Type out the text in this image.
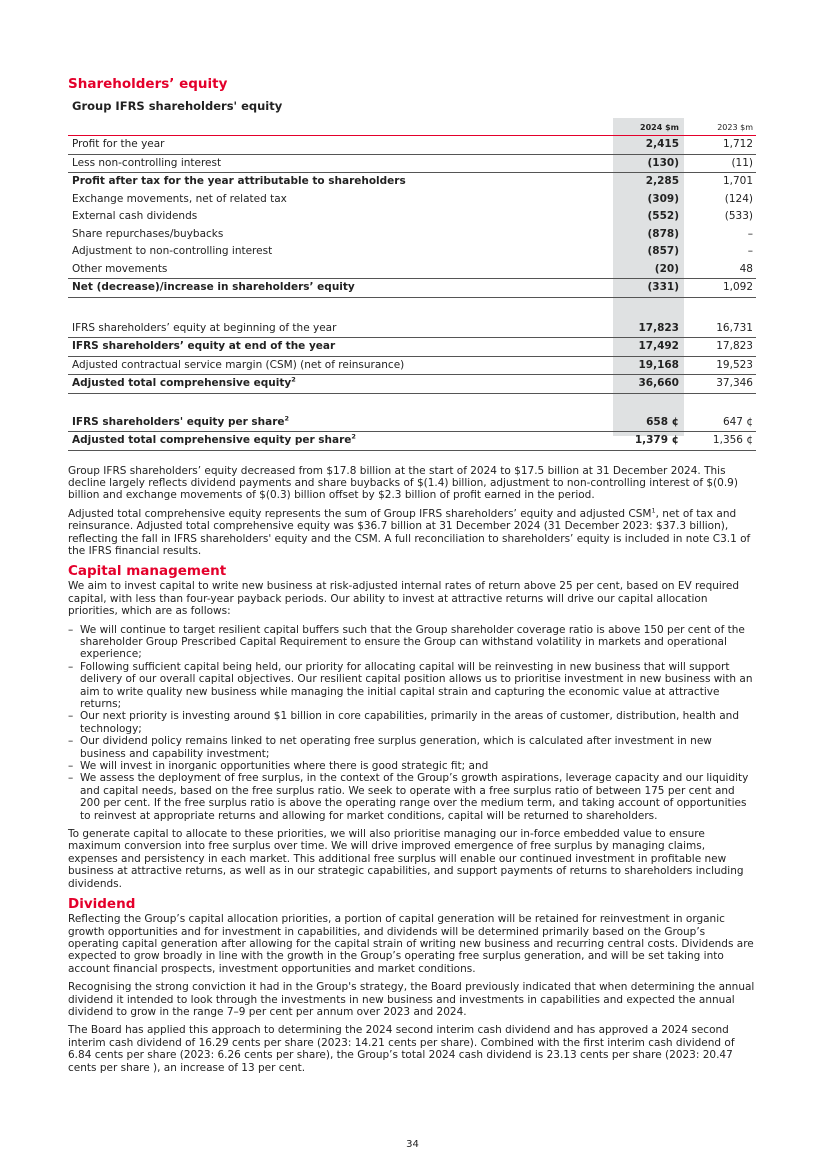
Shareholders’ equity
Group IFRS shareholders' equity
	2024 $m	2023 $m
Profit for the year	2,415	1,712
Less non-controlling interest	(130)	(11)
Profit after tax for the year attributable to shareholders	2,285	1,701
Exchange movements, net of related tax	(309)	(124)
External cash dividends	(552)	(533)
Share repurchases/buybacks	(878)	–
Adjustment to non-controlling interest	(857)	–
Other movements	(20)	48
Net (decrease)/increase in shareholders’ equity	(331)	1,092

IFRS shareholders’ equity at beginning of the year	17,823	16,731
IFRS shareholders’ equity at end of the year	17,492	17,823
Adjusted contractual service margin (CSM) (net of reinsurance)	19,168	19,523
Adjusted total comprehensive equity$^2$	36,660	37,346

IFRS shareholders' equity per share$^2$	658 ¢	647 ¢
Adjusted total comprehensive equity per share$^2$	1,379 ¢	1,356 ¢

Group IFRS shareholders’ equity decreased from $17.8 billion at the start of 2024 to $17.5 billion at 31 December 2024. This decline largely reflects dividend payments and share buybacks of $(1.4) billion, adjustment to non-controlling interest of $(0.9) billion and exchange movements of $(0.3) billion offset by $2.3 billion of profit earned in the period.

Adjusted total comprehensive equity represents the sum of Group IFRS shareholders’ equity and adjusted CSM$^1$, net of tax and reinsurance. Adjusted total comprehensive equity was $36.7 billion at 31 December 2024 (31 December 2023: $37.3 billion), reflecting the fall in IFRS shareholders' equity and the CSM. A full reconciliation to shareholders’ equity is included in note C3.1 of the IFRS financial results.

Capital management

We aim to invest capital to write new business at risk-adjusted internal rates of return above 25 per cent, based on EV required capital, with less than four-year payback periods. Our ability to invest at attractive returns will drive our capital allocation priorities, which are as follows:

– We will continue to target resilient capital buffers such that the Group shareholder coverage ratio is above 150 per cent of the shareholder Group Prescribed Capital Requirement to ensure the Group can withstand volatility in markets and operational experience;
– Following sufficient capital being held, our priority for allocating capital will be reinvesting in new business that will support delivery of our overall capital objectives. Our resilient capital position allows us to prioritise investment in new business with an aim to write quality new business while managing the initial capital strain and capturing the economic value at attractive returns;
– Our next priority is investing around $1 billion in core capabilities, primarily in the areas of customer, distribution, health and technology;
– Our dividend policy remains linked to net operating free surplus generation, which is calculated after investment in new business and capability investment;
– We will invest in inorganic opportunities where there is good strategic fit; and
– We assess the deployment of free surplus, in the context of the Group’s growth aspirations, leverage capacity and our liquidity and capital needs, based on the free surplus ratio. We seek to operate with a free surplus ratio of between 175 per cent and 200 per cent. If the free surplus ratio is above the operating range over the medium term, and taking account of opportunities to reinvest at appropriate returns and allowing for market conditions, capital will be returned to shareholders.

To generate capital to allocate to these priorities, we will also prioritise managing our in-force embedded value to ensure maximum conversion into free surplus over time. We will drive improved emergence of free surplus by managing claims, expenses and persistency in each market. This additional free surplus will enable our continued investment in profitable new business at attractive returns, as well as in our strategic capabilities, and support payments of returns to shareholders including dividends.

Dividend

Reflecting the Group’s capital allocation priorities, a portion of capital generation will be retained for reinvestment in organic growth opportunities and for investment in capabilities, and dividends will be determined primarily based on the Group’s operating capital generation after allowing for the capital strain of writing new business and recurring central costs. Dividends are expected to grow broadly in line with the growth in the Group’s operating free surplus generation, and will be set taking into account financial prospects, investment opportunities and market conditions.

Recognising the strong conviction it had in the Group's strategy, the Board previously indicated that when determining the annual dividend it intended to look through the investments in new business and investments in capabilities and expected the annual dividend to grow in the range 7–9 per cent per annum over 2023 and 2024.

The Board has applied this approach to determining the 2024 second interim cash dividend and has approved a 2024 second interim cash dividend of 16.29 cents per share (2023: 14.21 cents per share). Combined with the first interim cash dividend of 6.84 cents per share (2023: 6.26 cents per share), the Group’s total 2024 cash dividend is 23.13 cents per share (2023: 20.47 cents per share ), an increase of 13 per cent.

34
